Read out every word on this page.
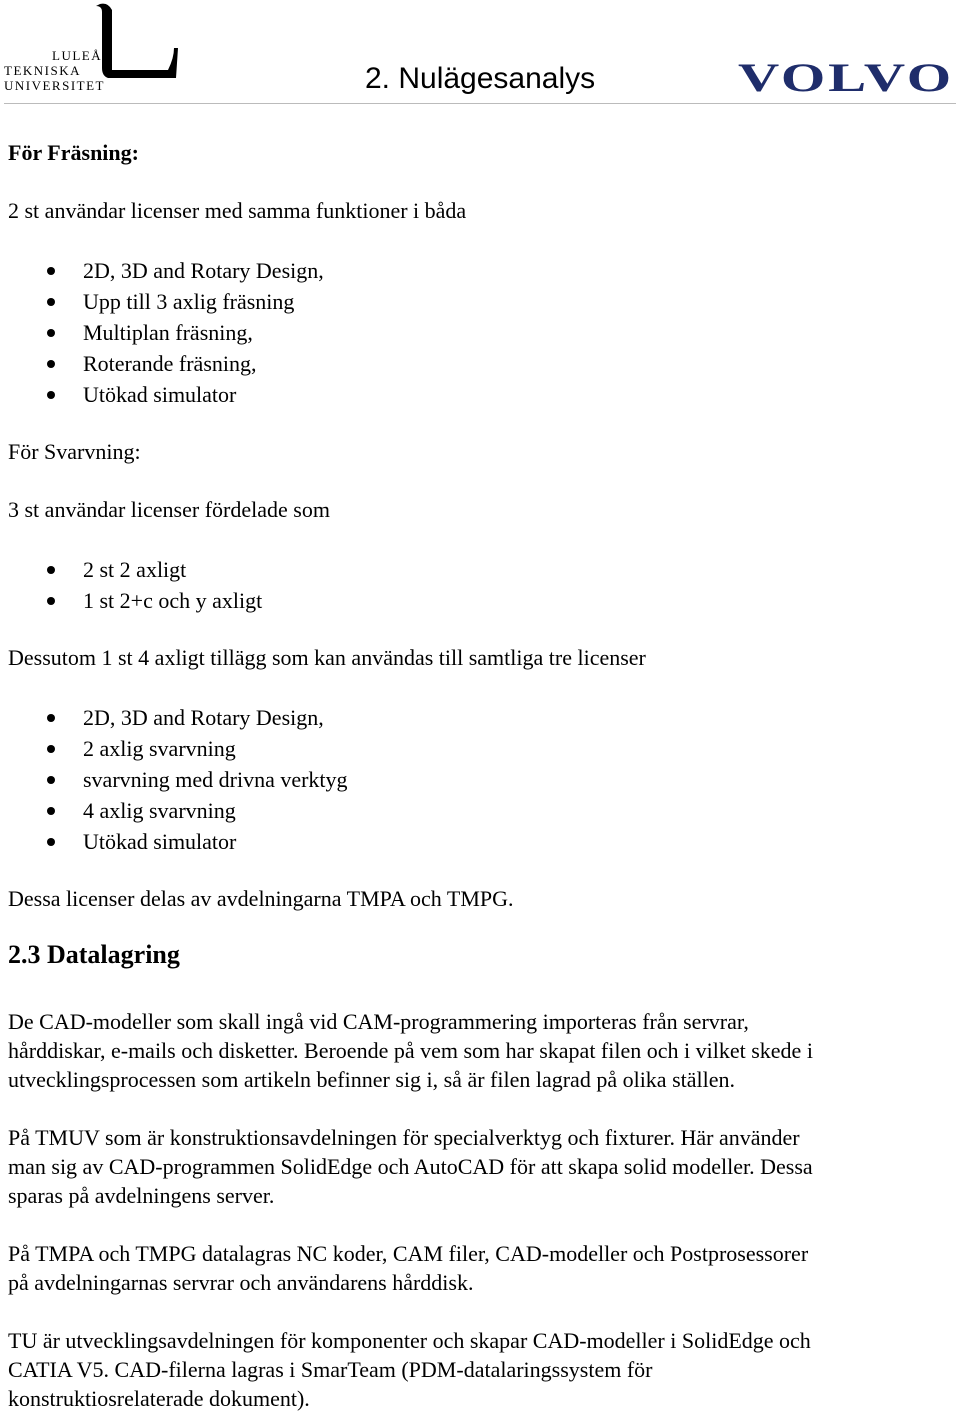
LULEÅ
TEKNISKA
UNIVERSITET	2. Nulägesanalys	VOLVO
För Fräsning:
2 st användar licenser med samma funktioner i båda
2D, 3D and Rotary Design,
Upp till 3 axlig fräsning
Multiplan fräsning,
Roterande fräsning,
Utökad simulator
För Svarvning:
3 st användar licenser fördelade som
2 st 2 axligt
1 st 2+c och y axligt
Dessutom 1 st 4 axligt tillägg som kan användas till samtliga tre licenser
2D, 3D and Rotary Design,
2 axlig svarvning
svarvning med drivna verktyg
4 axlig svarvning
Utökad simulator
Dessa licenser delas av avdelningarna TMPA och TMPG.
2.3 Datalagring
De CAD-modeller som skall ingå vid CAM-programmering importeras från servrar,
hårddiskar, e-mails och disketter. Beroende på vem som har skapat filen och i vilket skede i
utvecklingsprocessen som artikeln befinner sig i, så är filen lagrad på olika ställen.
På TMUV som är konstruktionsavdelningen för specialverktyg och fixturer. Här använder
man sig av CAD-programmen SolidEdge och AutoCAD för att skapa solid modeller. Dessa
sparas på avdelningens server.
På TMPA och TMPG datalagras NC koder, CAM filer, CAD-modeller och Postprosessorer
på avdelningarnas servrar och användarens hårddisk.
TU är utvecklingsavdelningen för komponenter och skapar CAD-modeller i SolidEdge och
CATIA V5. CAD-filerna lagras i SmarTeam (PDM-datalaringssystem för
konstruktiosrelaterade dokument).
